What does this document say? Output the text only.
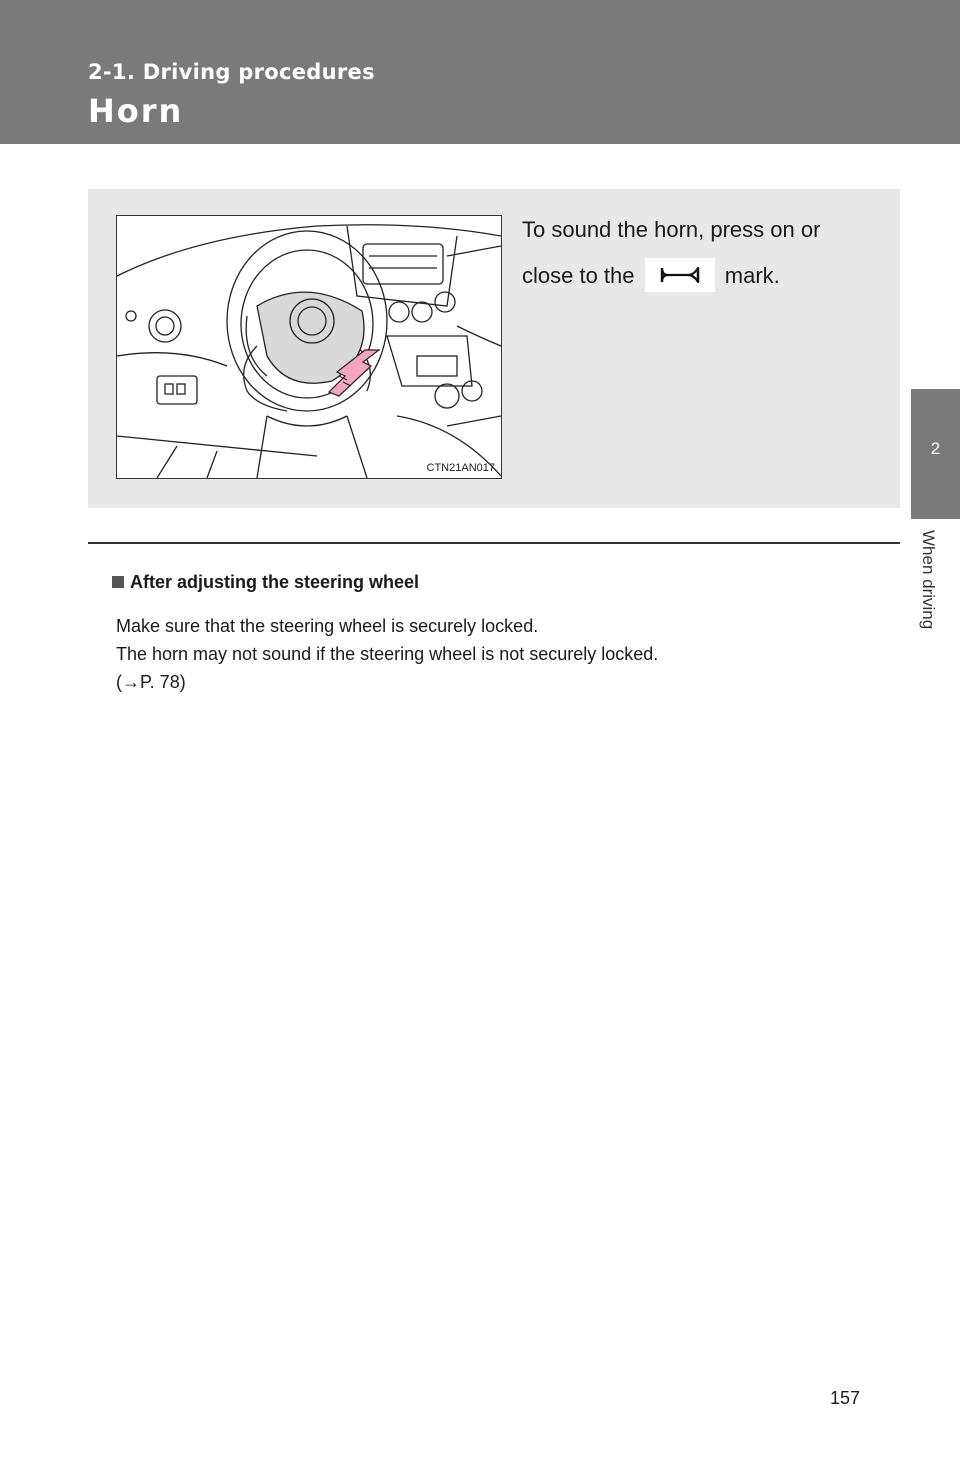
2-1. Driving procedures
Horn
2
When driving
CTN21AN017
To sound the horn, press on or
close to the	mark.
After adjusting the steering wheel
Make sure that the steering wheel is securely locked.
The horn may not sound if the steering wheel is not securely locked.
(→P. 78)
157
